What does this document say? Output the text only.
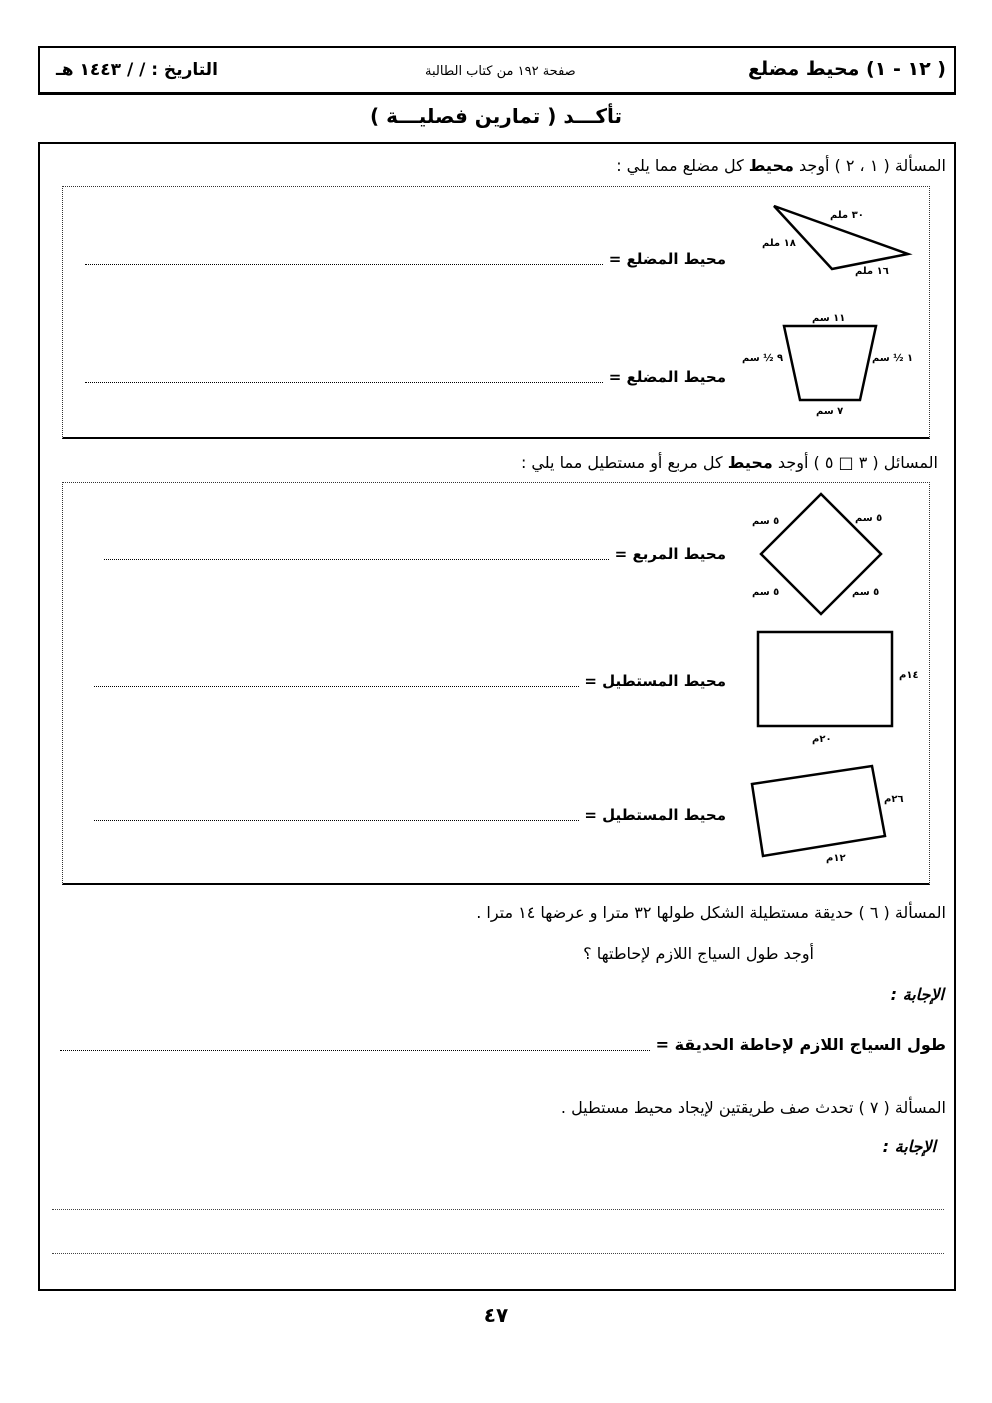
( ١٢ - ١) محيط مضلع
صفحة ١٩٢ من كتاب الطالبة
التاريخ : / / ١٤٤٣ هـ
تأكـــد ( تمارين فصليـــة )
المسألة ( ١ ، ٢ ) أوجد محيط كل مضلع مما يلي :
٣٠ ملم
١٨ ملم
١٦ ملم
محيط المضلع =
١١ سم
٩ ½ سم	١ ½ سم
٧ سم
محيط المضلع =
المسائل ( ٣ □ ٥ ) أوجد محيط كل مربع أو مستطيل مما يلي :
٥ سم	٥ سم
٥ سم	٥ سم
محيط المربع =
١٤م
٢٠م
محيط المستطيل =
٢٦م
١٢م
محيط المستطيل =
المسألة ( ٦ ) حديقة مستطيلة الشكل طولها ٣٢ مترا و عرضها ١٤ مترا .
أوجد طول السياج اللازم لإحاطتها ؟
الإجابة :
طول السياج اللازم لإحاطة الحديقة =
المسألة ( ٧ ) تحدث صف طريقتين لإيجاد محيط مستطيل .
الإجابة :
٤٧
